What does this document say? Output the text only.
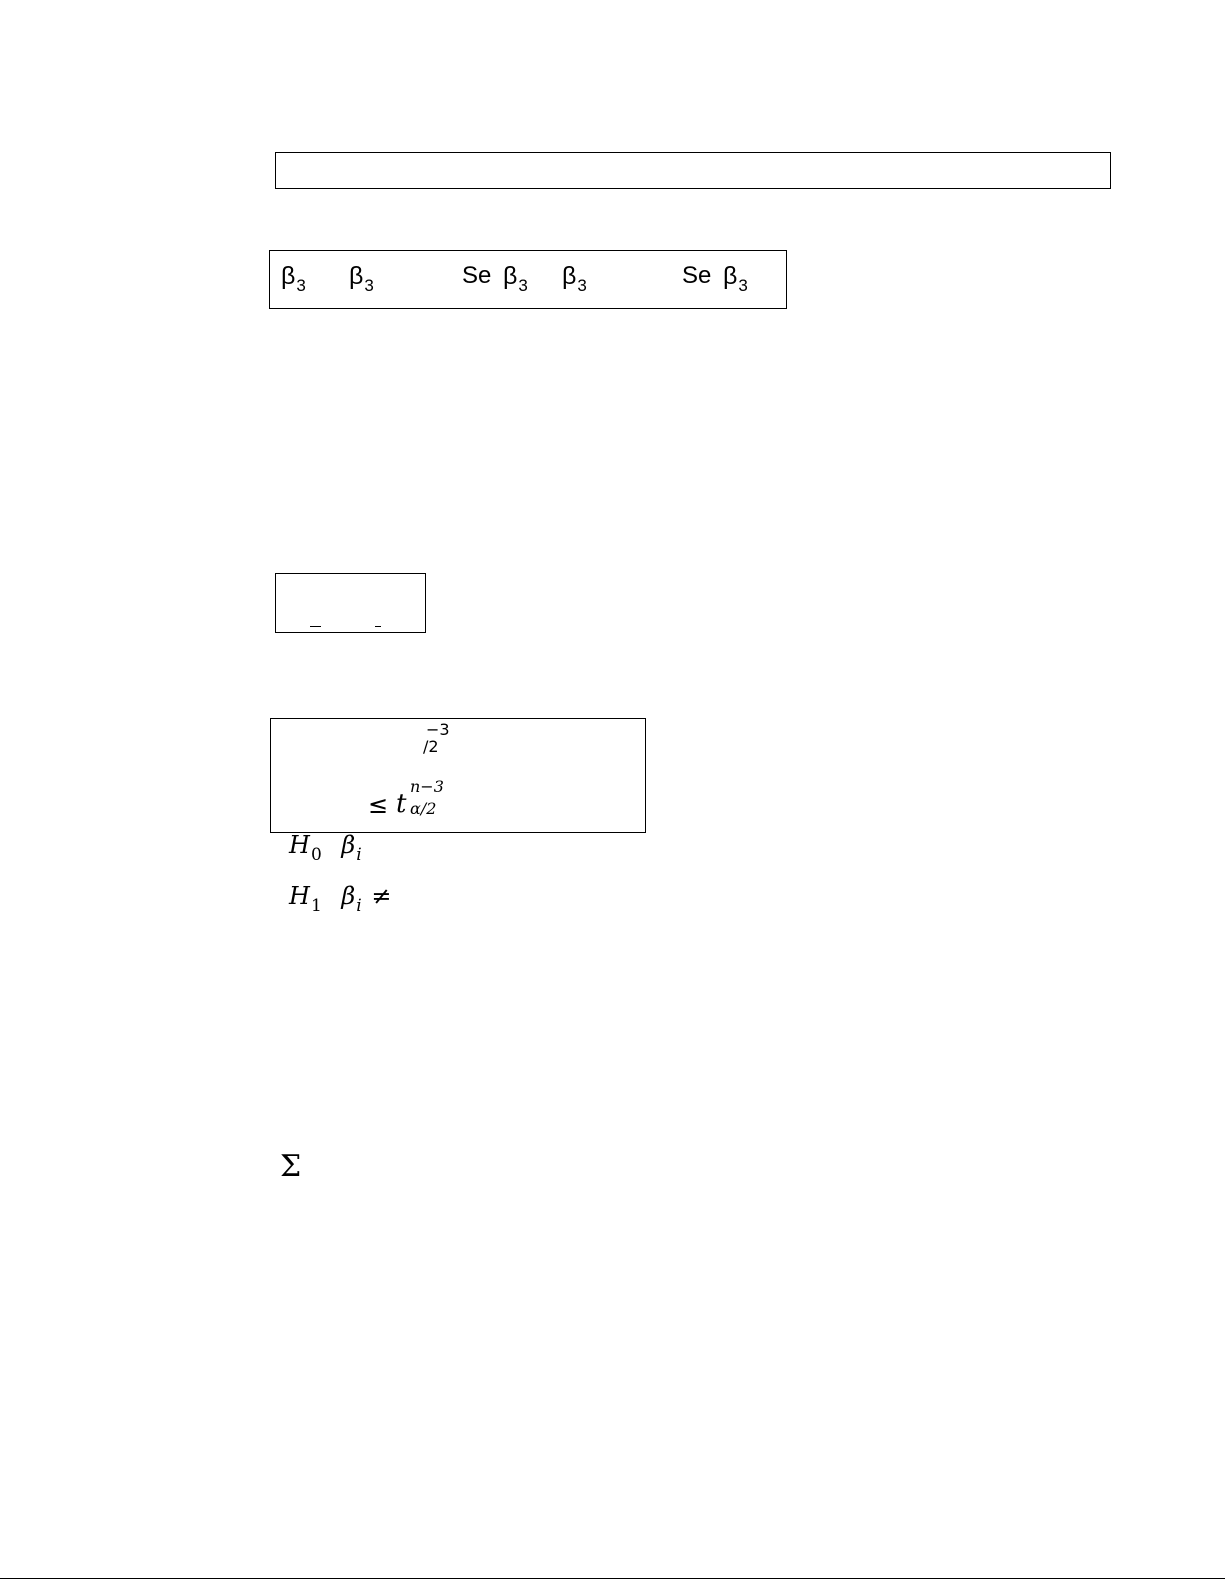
$\beta_3$ $\beta_3$	Se $\beta_3$ $\beta_3$	Se $\beta_3$
−3
/2
≤ t
n−3
α/2
$H_0$ $\beta_i$
$H_1$ $\beta_i$ ≠
Σ
